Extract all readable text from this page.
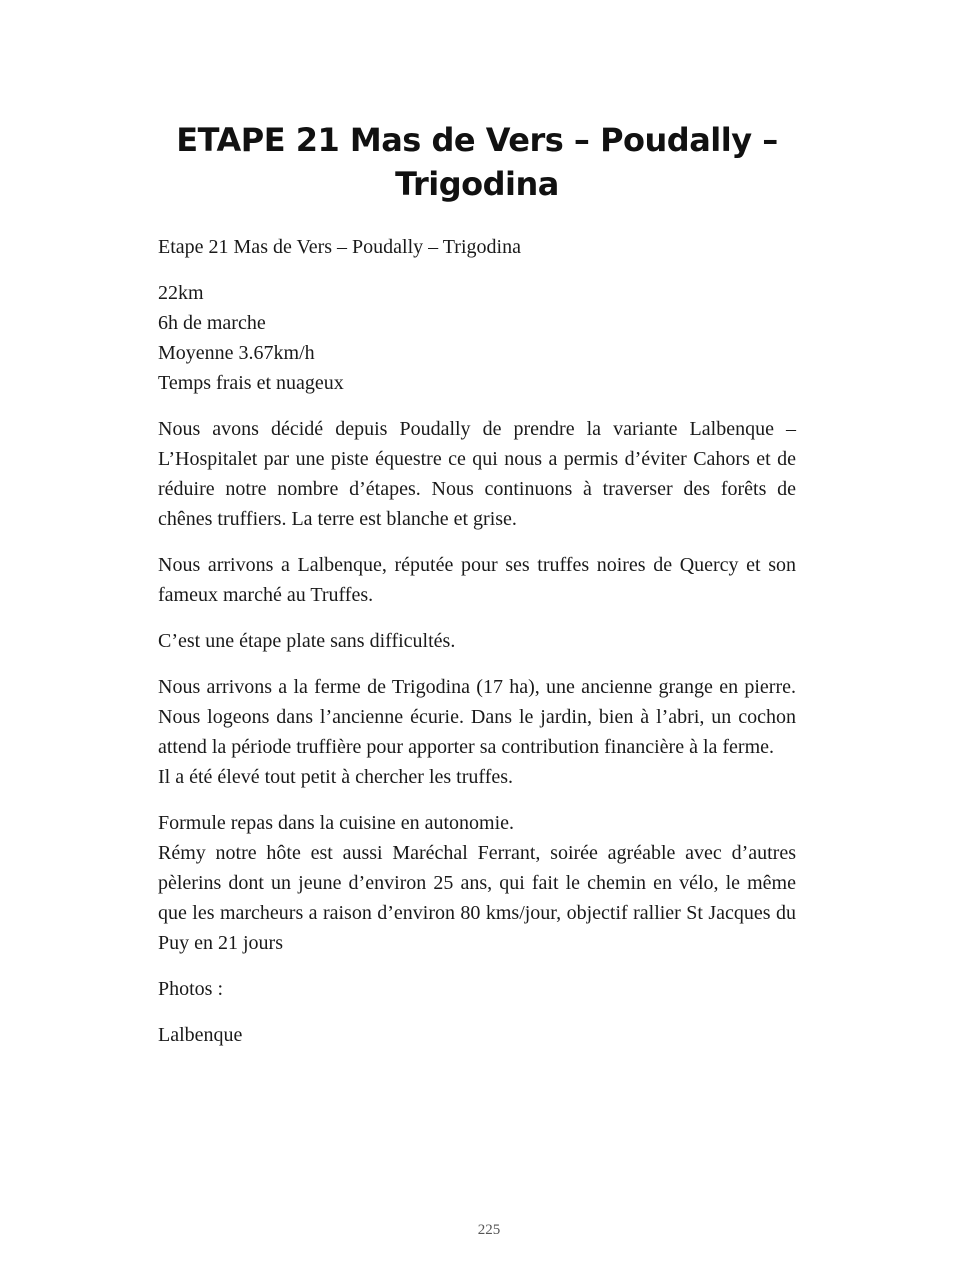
ETAPE 21 Mas de Vers – Poudally – Trigodina

Etape 21 Mas de Vers – Poudally – Trigodina

22km
6h de marche
Moyenne 3.67km/h
Temps frais et nuageux

Nous avons décidé depuis Poudally de prendre la variante Lalbenque – L’Hospitalet par une piste équestre ce qui nous a permis d’éviter Cahors et de réduire notre nombre d’étapes. Nous continuons à traverser des forêts de chênes truffiers. La terre est blanche et grise.

Nous arrivons a Lalbenque, réputée pour ses truffes noires de Quercy et son fameux marché au Truffes.

C’est une étape plate sans difficultés.

Nous arrivons a la ferme de Trigodina (17 ha), une ancienne grange en pierre. Nous logeons dans l’ancienne écurie. Dans le jardin, bien à l’abri, un cochon attend la période truffière pour apporter sa contribution financière à la ferme.
Il a été élevé tout petit à chercher les truffes.

Formule repas dans la cuisine en autonomie.
Rémy notre hôte est aussi Maréchal Ferrant, soirée agréable avec d’autres pèlerins dont un jeune d’environ 25 ans, qui fait le chemin en vélo, le même que les marcheurs a raison d’environ 80 kms/jour, objectif rallier St Jacques du Puy en 21 jours

Photos :

Lalbenque

225
